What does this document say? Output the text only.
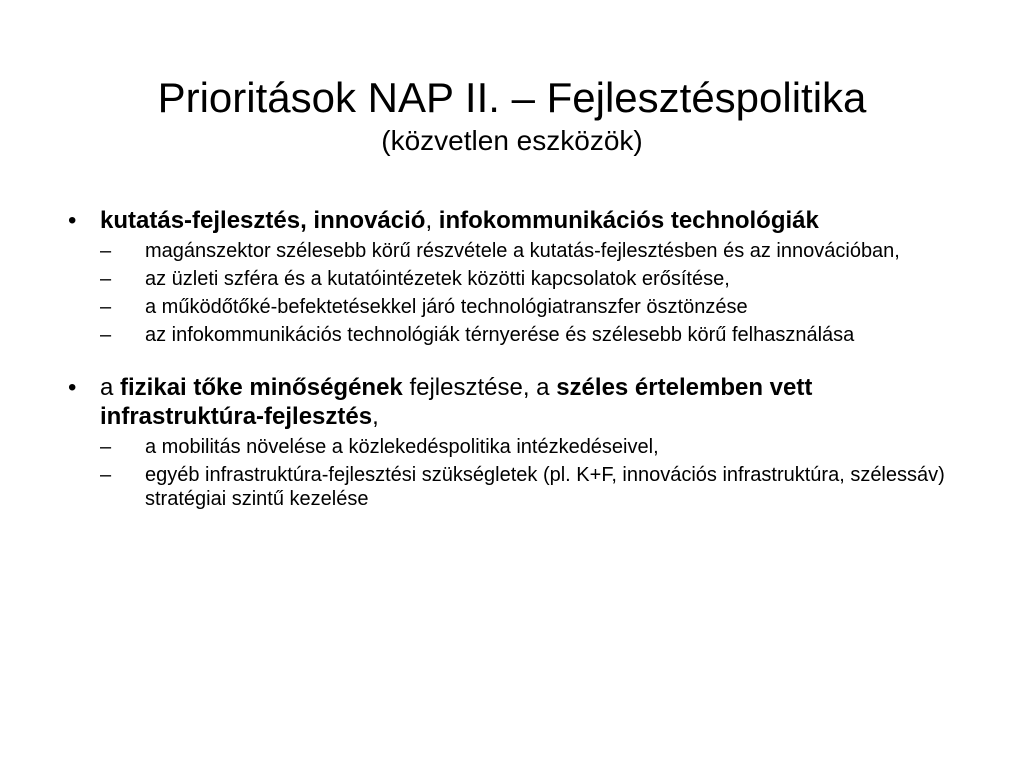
Prioritások NAP II. – Fejlesztéspolitika
(közvetlen eszközök)
• kutatás-fejlesztés, innováció, infokommunikációs technológiák
– magánszektor szélesebb körű részvétele a kutatás-fejlesztésben és az innovációban,
– az üzleti szféra és a kutatóintézetek közötti kapcsolatok erősítése,
– a működőtőké-befektetésekkel járó technológiatranszfer ösztönzése
– az infokommunikációs technológiák térnyerése és szélesebb körű felhasználása
• a fizikai tőke minőségének fejlesztése, a széles értelemben vett infrastruktúra-fejlesztés,
– a mobilitás növelése a közlekedéspolitika intézkedéseivel,
– egyéb infrastruktúra-fejlesztési szükségletek (pl. K+F, innovációs infrastruktúra, szélessáv) stratégiai szintű kezelése
